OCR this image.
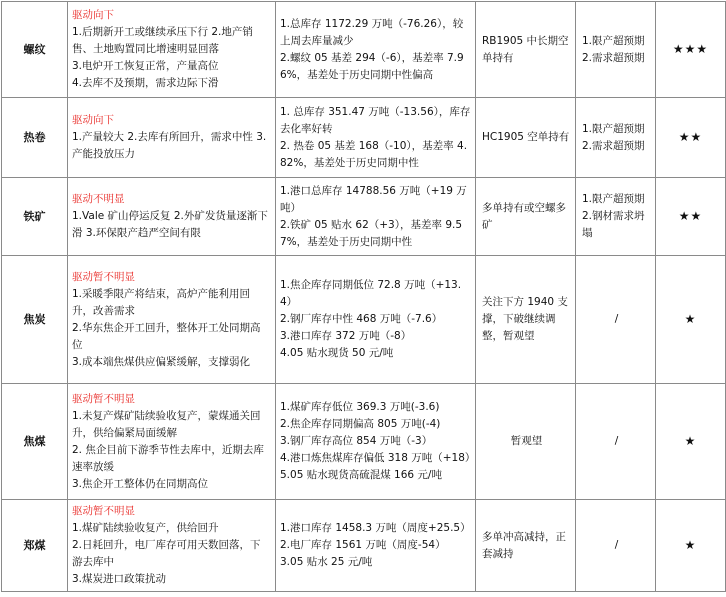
螺纹	驱动向下
1.后期新开工或继续承压下行 2.地产销售、土地购置同比增速明显回落
3.电炉开工恢复正常，产量高位
4.去库不及预期，需求边际下滑	1.总库存 1172.29 万吨（-76.26），较上周去库量减少
2.螺纹 05 基差 294（-6），基差率 7.96%，基差处于历史同期中性偏高	RB1905 中长期空单持有	1.限产超预期
2.需求超预期	★★★
热卷	驱动向下
1.产量较大 2.去库有所回升，需求中性 3.产能投放压力	1. 总库存 351.47 万吨（-13.56），库存去化率好转
2. 热卷 05 基差 168（-10），基差率 4.82%，基差处于历史同期中性	HC1905 空单持有	1.限产超预期
2.需求超预期	★★
铁矿	驱动不明显
1.Vale 矿山停运反复 2.外矿发货量逐渐下滑 3.环保限产趋严空间有限	1.港口总库存 14788.56 万吨（+19 万吨）
2.铁矿 05 贴水 62（+3），基差率 9.57%，基差处于历史同期中性	多单持有或空螺多矿	1.限产超预期
2.钢材需求坍塌	★★
焦炭	驱动暂不明显
1.采暖季限产将结束，高炉产能利用回升，改善需求
2.华东焦企开工回升，整体开工处同期高位
3.成本端焦煤供应偏紧缓解，支撑弱化	1.焦企库存同期低位 72.8 万吨（+13.4）
2.钢厂库存中性 468 万吨（-7.6）
3.港口库存 372 万吨（-8）
4.05 贴水现货 50 元/吨	关注下方 1940 支撑，下破继续调整，暂观望	/	★
焦煤	驱动暂不明显
1.未复产煤矿陆续验收复产，蒙煤通关回升，供给偏紧局面缓解
2. 焦企目前下游季节性去库中，近期去库速率放缓
3.焦企开工整体仍在同期高位	1.煤矿库存低位 369.3 万吨(-3.6)
2.焦企库存同期偏高 805 万吨(-4)
3.钢厂库存高位 854 万吨（-3）
4.港口炼焦煤库存偏低 318 万吨（+18）
5.05 贴水现货高硫混煤 166 元/吨	暂观望	/	★
郑煤	驱动暂不明显
1.煤矿陆续验收复产，供给回升
2.日耗回升，电厂库存可用天数回落，下游去库中
3.煤炭进口政策扰动	1.港口库存 1458.3 万吨（周度+25.5）
2.电厂库存 1561 万吨（周度-54）
3.05 贴水 25 元/吨	多单冲高减持，正套减持	/	★
